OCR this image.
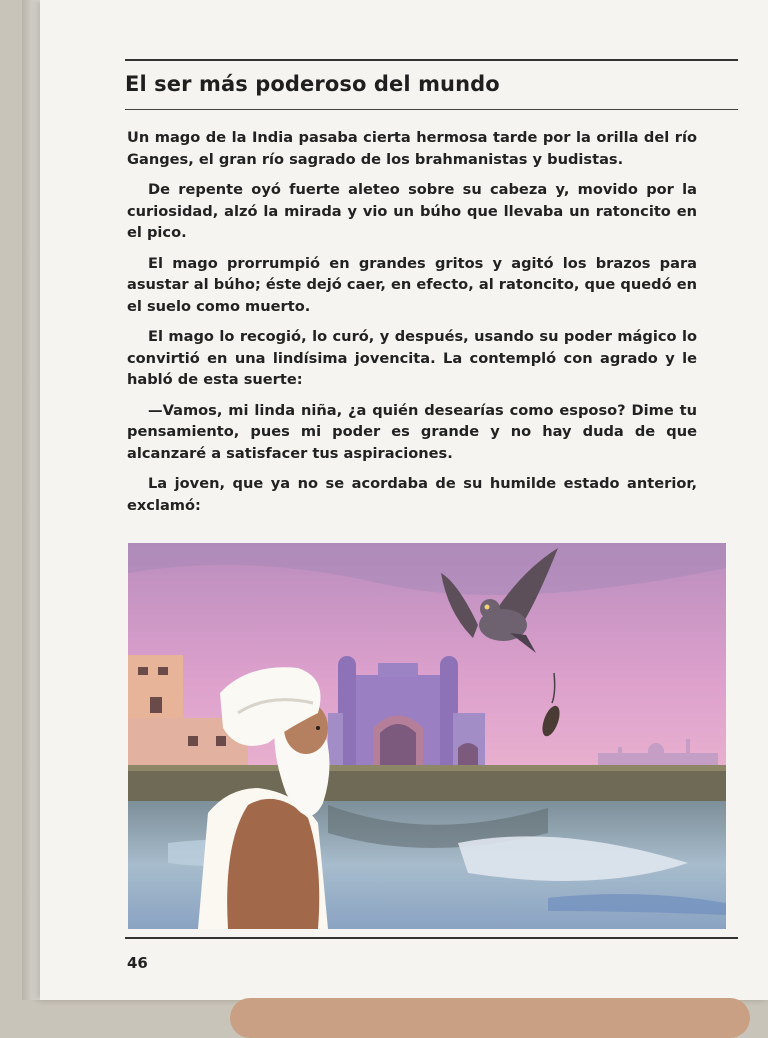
El ser más poderoso del mundo

Un mago de la India pasaba cierta hermosa tarde por la orilla del río Ganges, el gran río sagrado de los brahmanistas y budistas.

De repente oyó fuerte aleteo sobre su cabeza y, movido por la curiosidad, alzó la mirada y vio un búho que llevaba un ratoncito en el pico.

El mago prorrumpió en grandes gritos y agitó los brazos para asustar al búho; éste dejó caer, en efecto, al ratoncito, que quedó en el suelo como muerto.

El mago lo recogió, lo curó, y después, usando su poder mágico lo convirtió en una lindísima jovencita. La contempló con agrado y le habló de esta suerte:

—Vamos, mi linda niña, ¿a quién desearías como esposo? Dime tu pensamiento, pues mi poder es grande y no hay duda de que alcanzaré a satisfacer tus aspiraciones.

La joven, que ya no se acordaba de su humilde estado anterior, exclamó:

46
